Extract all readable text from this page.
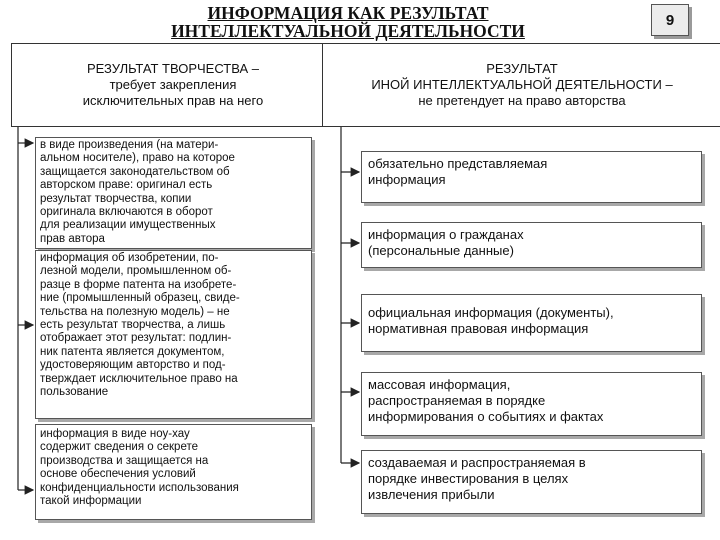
ИНФОРМАЦИЯ КАК РЕЗУЛЬТАТ
ИНТЕЛЛЕКТУАЛЬНОЙ ДЕЯТЕЛЬНОСТИ
9
РЕЗУЛЬТАТ ТВОРЧЕСТВА –
требует закрепления
исключительных прав на него
РЕЗУЛЬТАТ
ИНОЙ ИНТЕЛЛЕКТУАЛЬНОЙ ДЕЯТЕЛЬНОСТИ –
не претендует на право авторства
в виде произведения (на матери-
альном носителе), право на которое
защищается законодательством об
авторском праве: оригинал есть
результат творчества, копии
оригинала включаются в оборот
для реализации имущественных
прав автора
информация об изобретении, по-
лезной модели, промышленном об-
разце в форме патента на изобрете-
ние (промышленный образец, свиде-
тельства на полезную модель) – не
есть результат творчества, а лишь
отображает этот результат: подлин-
ник патента является документом,
удостоверяющим авторство и под-
тверждает исключительное право на
пользование
информация в виде ноу-хау
содержит сведения о секрете
производства и защищается на
основе обеспечения условий
конфиденциальности использования
такой информации
обязательно представляемая
информация
информация о гражданах
(персональные данные)
официальная информация (документы),
нормативная правовая информация
массовая информация,
распространяемая в порядке
информирования о событиях и фактах
создаваемая и распространяемая в
порядке инвестирования в целях
извлечения прибыли
